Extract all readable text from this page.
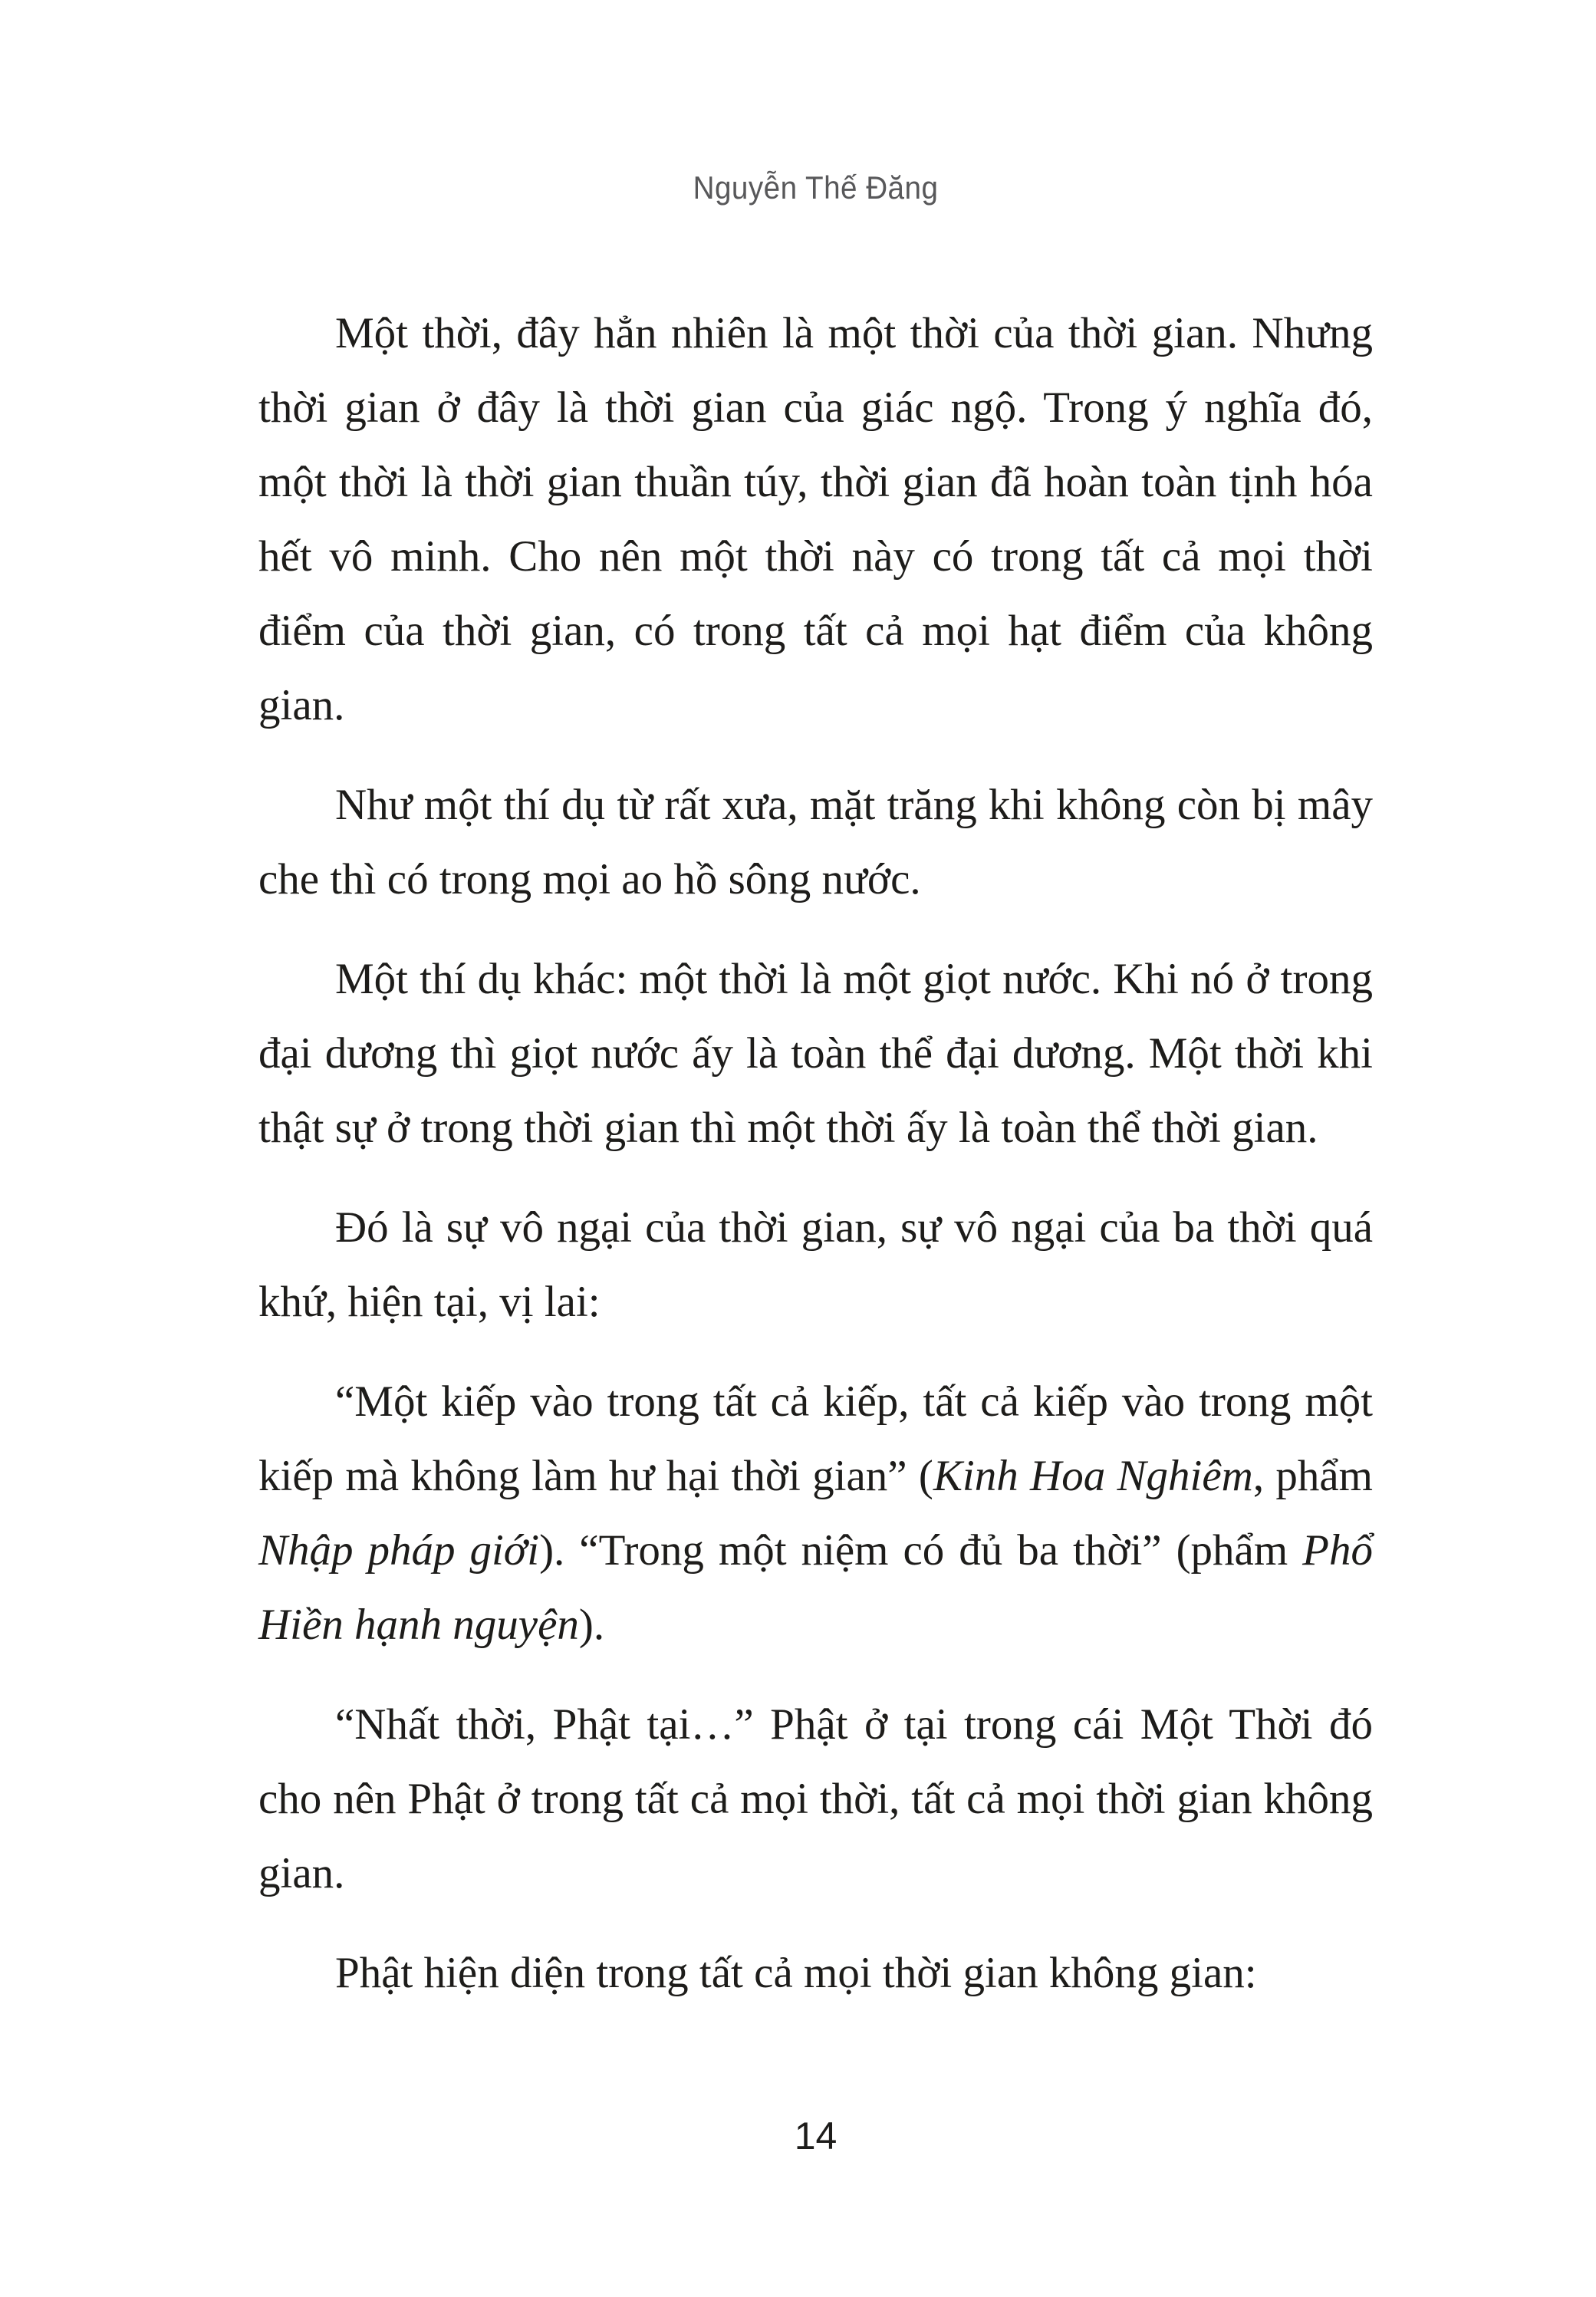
Nguyễn Thế Đăng

Một thời, đây hẳn nhiên là một thời của thời gian. Nhưng thời gian ở đây là thời gian của giác ngộ. Trong ý nghĩa đó, một thời là thời gian thuần túy, thời gian đã hoàn toàn tịnh hóa hết vô minh. Cho nên một thời này có trong tất cả mọi thời điểm của thời gian, có trong tất cả mọi hạt điểm của không gian.

Như một thí dụ từ rất xưa, mặt trăng khi không còn bị mây che thì có trong mọi ao hồ sông nước.

Một thí dụ khác: một thời là một giọt nước. Khi nó ở trong đại dương thì giọt nước ấy là toàn thể đại dương. Một thời khi thật sự ở trong thời gian thì một thời ấy là toàn thể thời gian.

Đó là sự vô ngại của thời gian, sự vô ngại của ba thời quá khứ, hiện tại, vị lai:

“Một kiếp vào trong tất cả kiếp, tất cả kiếp vào trong một kiếp mà không làm hư hại thời gian” (Kinh Hoa Nghiêm, phẩm Nhập pháp giới). “Trong một niệm có đủ ba thời” (phẩm Phổ Hiền hạnh nguyện).

“Nhất thời, Phật tại…” Phật ở tại trong cái Một Thời đó cho nên Phật ở trong tất cả mọi thời, tất cả mọi thời gian không gian.

Phật hiện diện trong tất cả mọi thời gian không gian:

14
